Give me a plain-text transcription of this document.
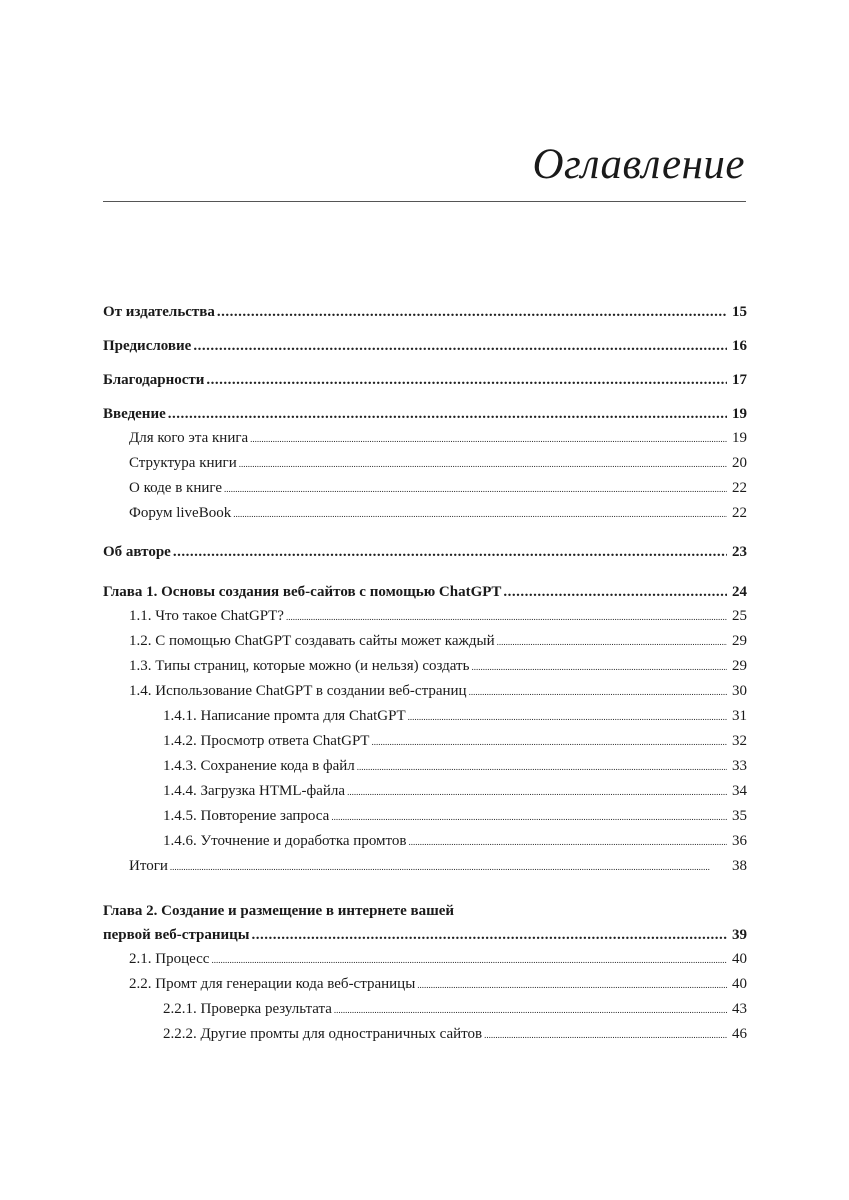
Оглавление
От издательства .....	15
Предисловие .....	16
Благодарности .....	17
Введение .....	19
Для кого эта книга .....	19
Структура книги .....	20
О коде в книге .....	22
Форум liveBook .....	22
Об авторе .....	23
Глава 1. Основы создания веб-сайтов с помощью ChatGPT .....	24
1.1. Что такое ChatGPT? .....	25
1.2. С помощью ChatGPT создавать сайты может каждый .....	29
1.3. Типы страниц, которые можно (и нельзя) создать .....	29
1.4. Использование ChatGPT в создании веб-страниц .....	30
1.4.1. Написание промта для ChatGPT .....	31
1.4.2. Просмотр ответа ChatGPT .....	32
1.4.3. Сохранение кода в файл .....	33
1.4.4. Загрузка HTML-файла .....	34
1.4.5. Повторение запроса .....	35
1.4.6. Уточнение и доработка промтов .....	36
Итоги .....	38
Глава 2. Создание и размещение в интернете вашей
первой веб-страницы .....	39
2.1. Процесс .....	40
2.2. Промт для генерации кода веб-страницы .....	40
2.2.1. Проверка результата .....	43
2.2.2. Другие промты для одностраничных сайтов .....	46
